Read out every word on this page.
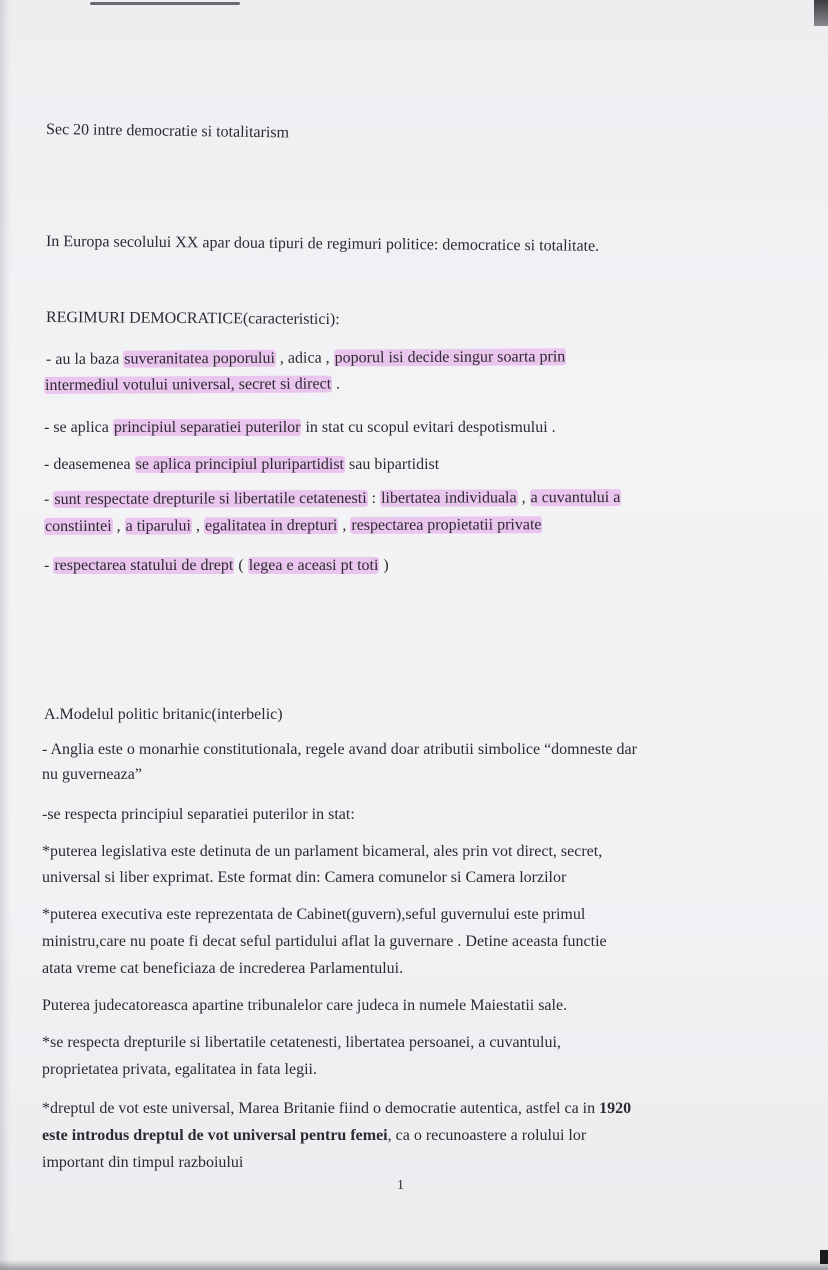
Sec 20 intre democratie si totalitarism
In Europa secolului XX apar doua tipuri de regimuri politice: democratice si totalitate.
REGIMURI DEMOCRATICE(caracteristici):
- au la baza suveranitatea poporului , adica , poporul isi decide singur soarta prin
intermediul votului universal, secret si direct .
- se aplica principiul separatiei puterilor in stat cu scopul evitari despotismului .
- deasemenea se aplica principiul pluripartidist sau bipartidist
- sunt respectate drepturile si libertatile cetatenesti : libertatea individuala , a cuvantului a
constiintei , a tiparului , egalitatea in drepturi , respectarea propietatii private
- respectarea statului de drept ( legea e aceasi pt toti )
A.Modelul politic britanic(interbelic)
- Anglia este o monarhie constitutionala, regele avand doar atributii simbolice “domneste dar
nu guverneaza”
-se respecta principiul separatiei puterilor in stat:
*puterea legislativa este detinuta de un parlament bicameral, ales prin vot direct, secret,
universal si liber exprimat. Este format din: Camera comunelor si Camera lorzilor
*puterea executiva este reprezentata de Cabinet(guvern),seful guvernului este primul
ministru,care nu poate fi decat seful partidului aflat la guvernare . Detine aceasta functie
atata vreme cat beneficiaza de increderea Parlamentului.
Puterea judecatoreasca apartine tribunalelor care judeca in numele Maiestatii sale.
*se respecta drepturile si libertatile cetatenesti, libertatea persoanei, a cuvantului,
proprietatea privata, egalitatea in fata legii.
*dreptul de vot este universal, Marea Britanie fiind o democratie autentica, astfel ca in 1920
este introdus dreptul de vot universal pentru femei, ca o recunoastere a rolului lor
important din timpul razboiului
1
